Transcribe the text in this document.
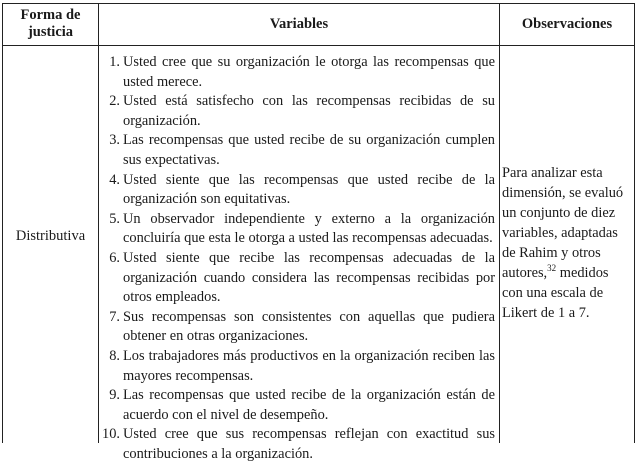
Forma de justicia
Variables	Observaciones
Distributiva
1. Usted cree que su organización le otorga las recompensas que usted merece.
2. Usted está satisfecho con las recompensas recibidas de su organización.
3. Las recompensas que usted recibe de su organización cumplen sus expectativas.
4. Usted siente que las recompensas que usted recibe de la organización son equitativas.
5. Un observador independiente y externo a la organización concluiría que esta le otorga a usted las recompensas adecuadas.
6. Usted siente que recibe las recompensas adecuadas de la organización cuando considera las recompensas recibidas por otros empleados.
7. Sus recompensas son consistentes con aquellas que pudiera obtener en otras organizaciones.
8. Los trabajadores más productivos en la organización reciben las mayores recompensas.
9. Las recompensas que usted recibe de la organización están de acuerdo con el nivel de desempeño.
10. Usted cree que sus recompensas reflejan con exactitud sus contribuciones a la organización.
Para analizar esta dimensión, se evaluó un conjunto de diez variables, adaptadas de Rahim y otros autores,$^{32}$ medidos con una escala de Likert de 1 a 7.
